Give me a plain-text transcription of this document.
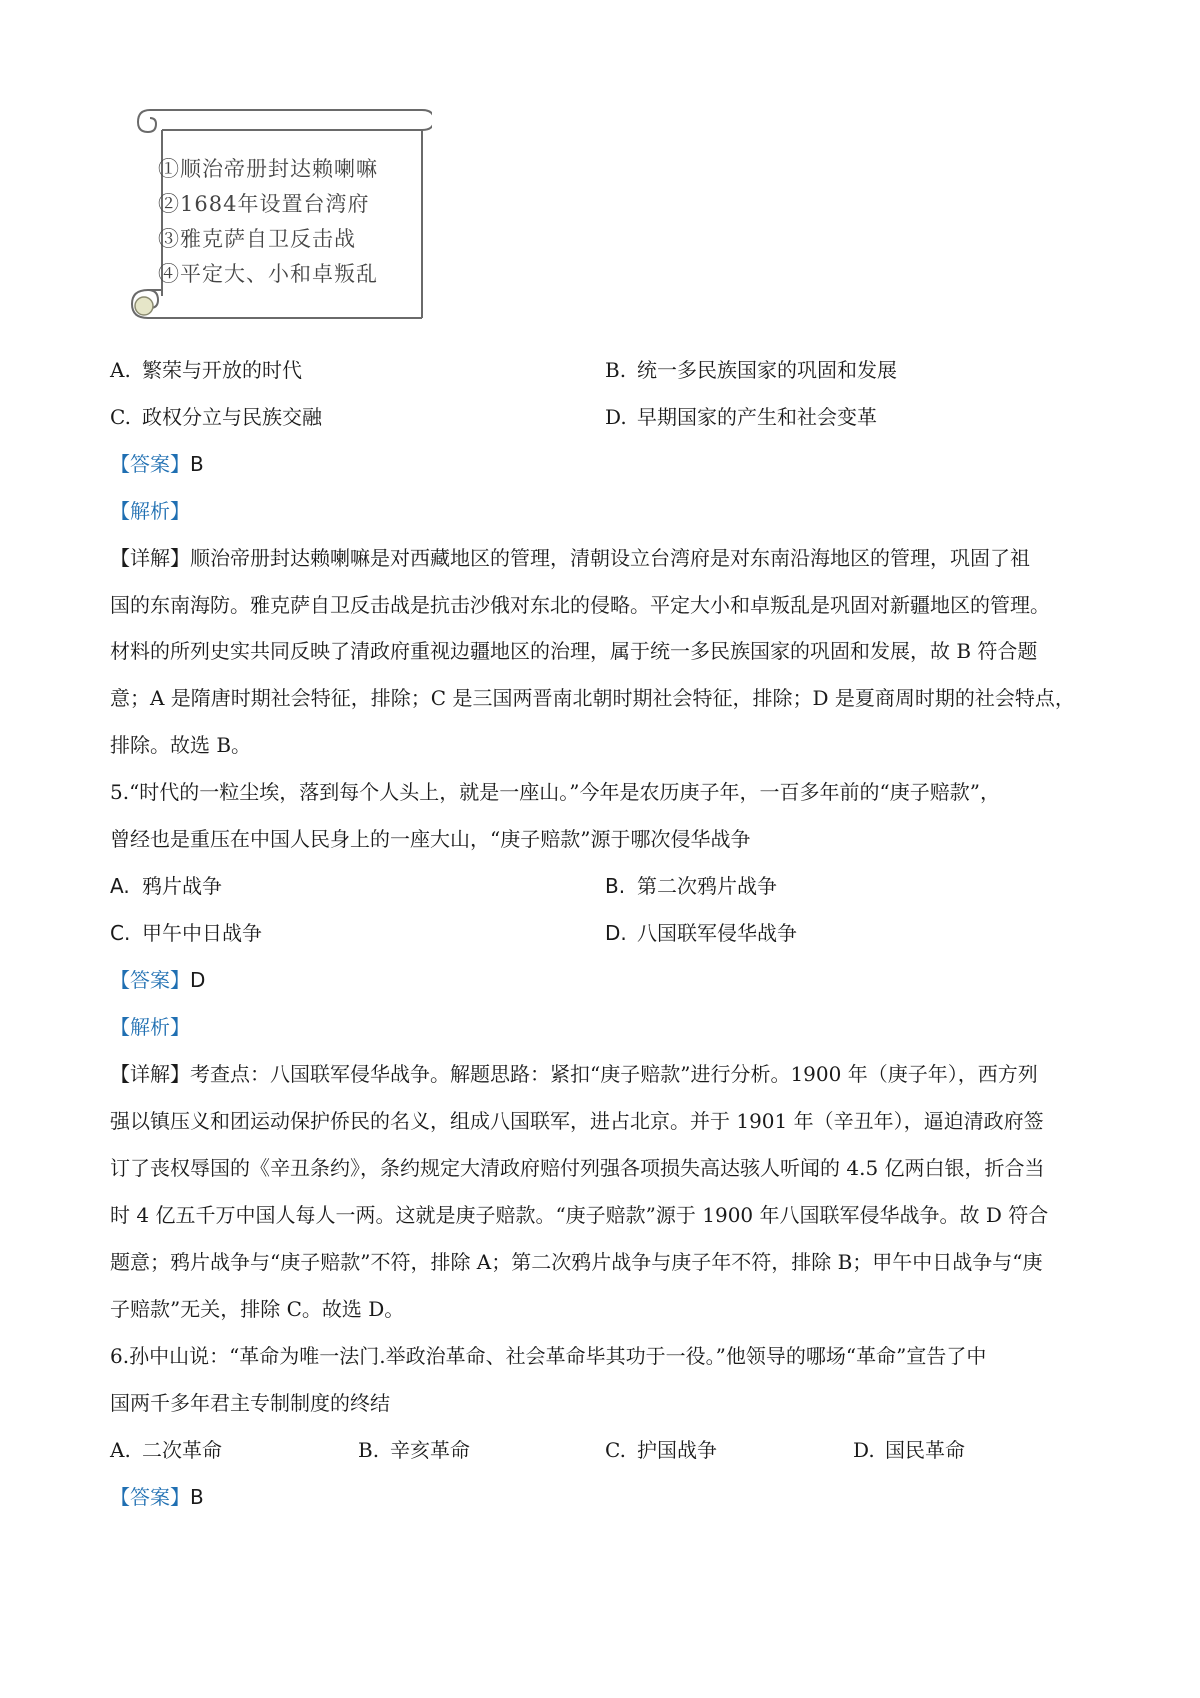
①顺治帝册封达赖喇嘛
②1684年设置台湾府
③雅克萨自卫反击战
④平定大、小和卓叛乱
A. 繁荣与开放的时代	B. 统一多民族国家的巩固和发展
C. 政权分立与民族交融	D. 早期国家的产生和社会变革
【答案】B
【解析】
【详解】顺治帝册封达赖喇嘛是对西藏地区的管理，清朝设立台湾府是对东南沿海地区的管理，巩固了祖
国的东南海防。雅克萨自卫反击战是抗击沙俄对东北的侵略。平定大小和卓叛乱是巩固对新疆地区的管理。
材料的所列史实共同反映了清政府重视边疆地区的治理，属于统一多民族国家的巩固和发展，故 B 符合题
意；A 是隋唐时期社会特征，排除；C 是三国两晋南北朝时期社会特征，排除；D 是夏商周时期的社会特点，
排除。故选 B。
5.“时代的一粒尘埃，落到每个人头上，就是一座山。”今年是农历庚子年，一百多年前的“庚子赔款”，
曾经也是重压在中国人民身上的一座大山，“庚子赔款”源于哪次侵华战争
A. 鸦片战争	B. 第二次鸦片战争
C. 甲午中日战争	D. 八国联军侵华战争
【答案】D
【解析】
【详解】考查点：八国联军侵华战争。解题思路：紧扣“庚子赔款”进行分析。1900 年（庚子年），西方列
强以镇压义和团运动保护侨民的名义，组成八国联军，进占北京。并于 1901 年（辛丑年），逼迫清政府签
订了丧权辱国的《辛丑条约》，条约规定大清政府赔付列强各项损失高达骇人听闻的 4.5 亿两白银，折合当
时 4 亿五千万中国人每人一两。这就是庚子赔款。“庚子赔款”源于 1900 年八国联军侵华战争。故 D 符合
题意；鸦片战争与“庚子赔款”不符，排除 A；第二次鸦片战争与庚子年不符，排除 B；甲午中日战争与“庚
子赔款”无关，排除 C。故选 D。
6.孙中山说：“革命为唯一法门.举政治革命、社会革命毕其功于一役。”他领导的哪场“革命”宣告了中
国两千多年君主专制制度的终结
A. 二次革命	B. 辛亥革命	C. 护国战争	D. 国民革命
【答案】B
